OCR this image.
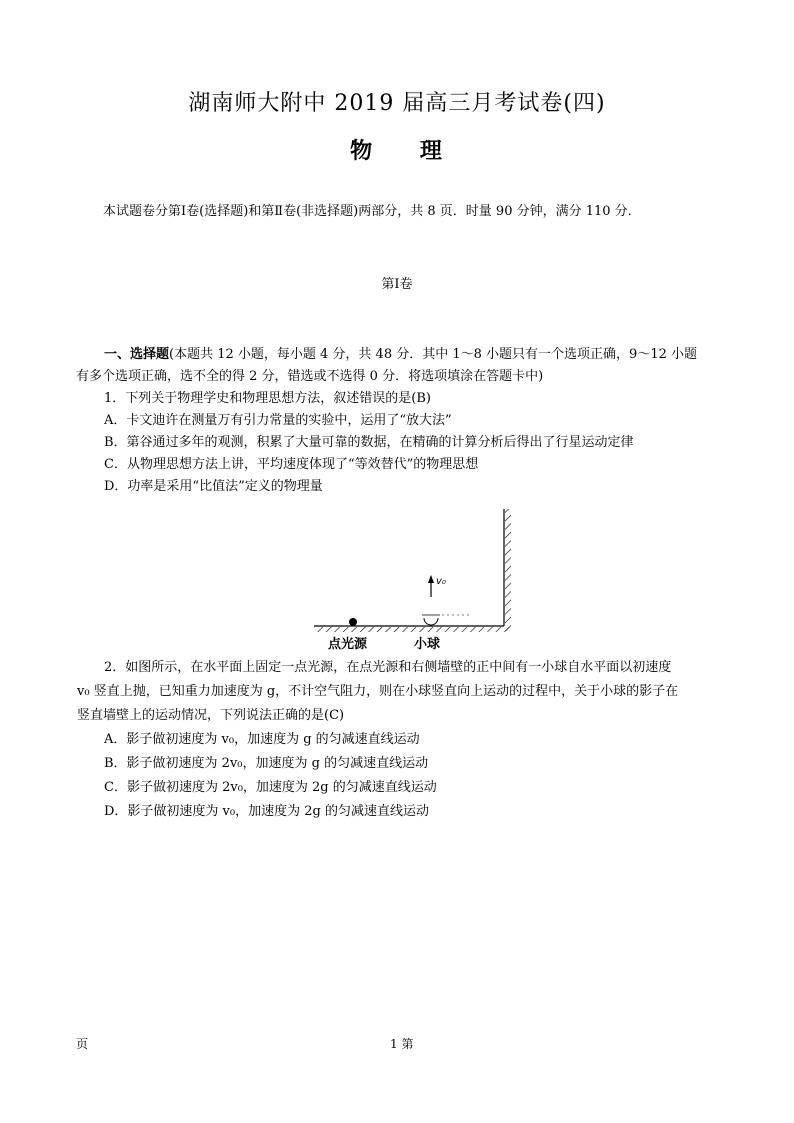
湖南师大附中 2019 届高三月考试卷(四)
物 理
本试题卷分第Ⅰ卷(选择题)和第Ⅱ卷(非选择题)两部分，共 8 页．时量 90 分钟，满分 110 分．
第Ⅰ卷
一、选择题(本题共 12 小题，每小题 4 分，共 48 分．其中 1～8 小题只有一个选项正确，9～12 小题
有多个选项正确，选不全的得 2 分，错选或不选得 0 分．将选项填涂在答题卡中)
1．下列关于物理学史和物理思想方法，叙述错误的是(B)
A．卡文迪许在测量万有引力常量的实验中，运用了“放大法”
B．第谷通过多年的观测，积累了大量可靠的数据，在精确的计算分析后得出了行星运动定律
C．从物理思想方法上讲，平均速度体现了“等效替代”的物理思想
D．功率是采用“比值法”定义的物理量
v₀
点光源	小球
2．如图所示，在水平面上固定一点光源，在点光源和右侧墙壁的正中间有一小球自水平面以初速度
v₀ 竖直上抛，已知重力加速度为 g，不计空气阻力，则在小球竖直向上运动的过程中，关于小球的影子在
竖直墙壁上的运动情况，下列说法正确的是(C)
A．影子做初速度为 v₀，加速度为 g 的匀减速直线运动
B．影子做初速度为 2v₀，加速度为 g 的匀减速直线运动
C．影子做初速度为 2v₀，加速度为 2g 的匀减速直线运动
D．影子做初速度为 v₀，加速度为 2g 的匀减速直线运动
页	1 第
